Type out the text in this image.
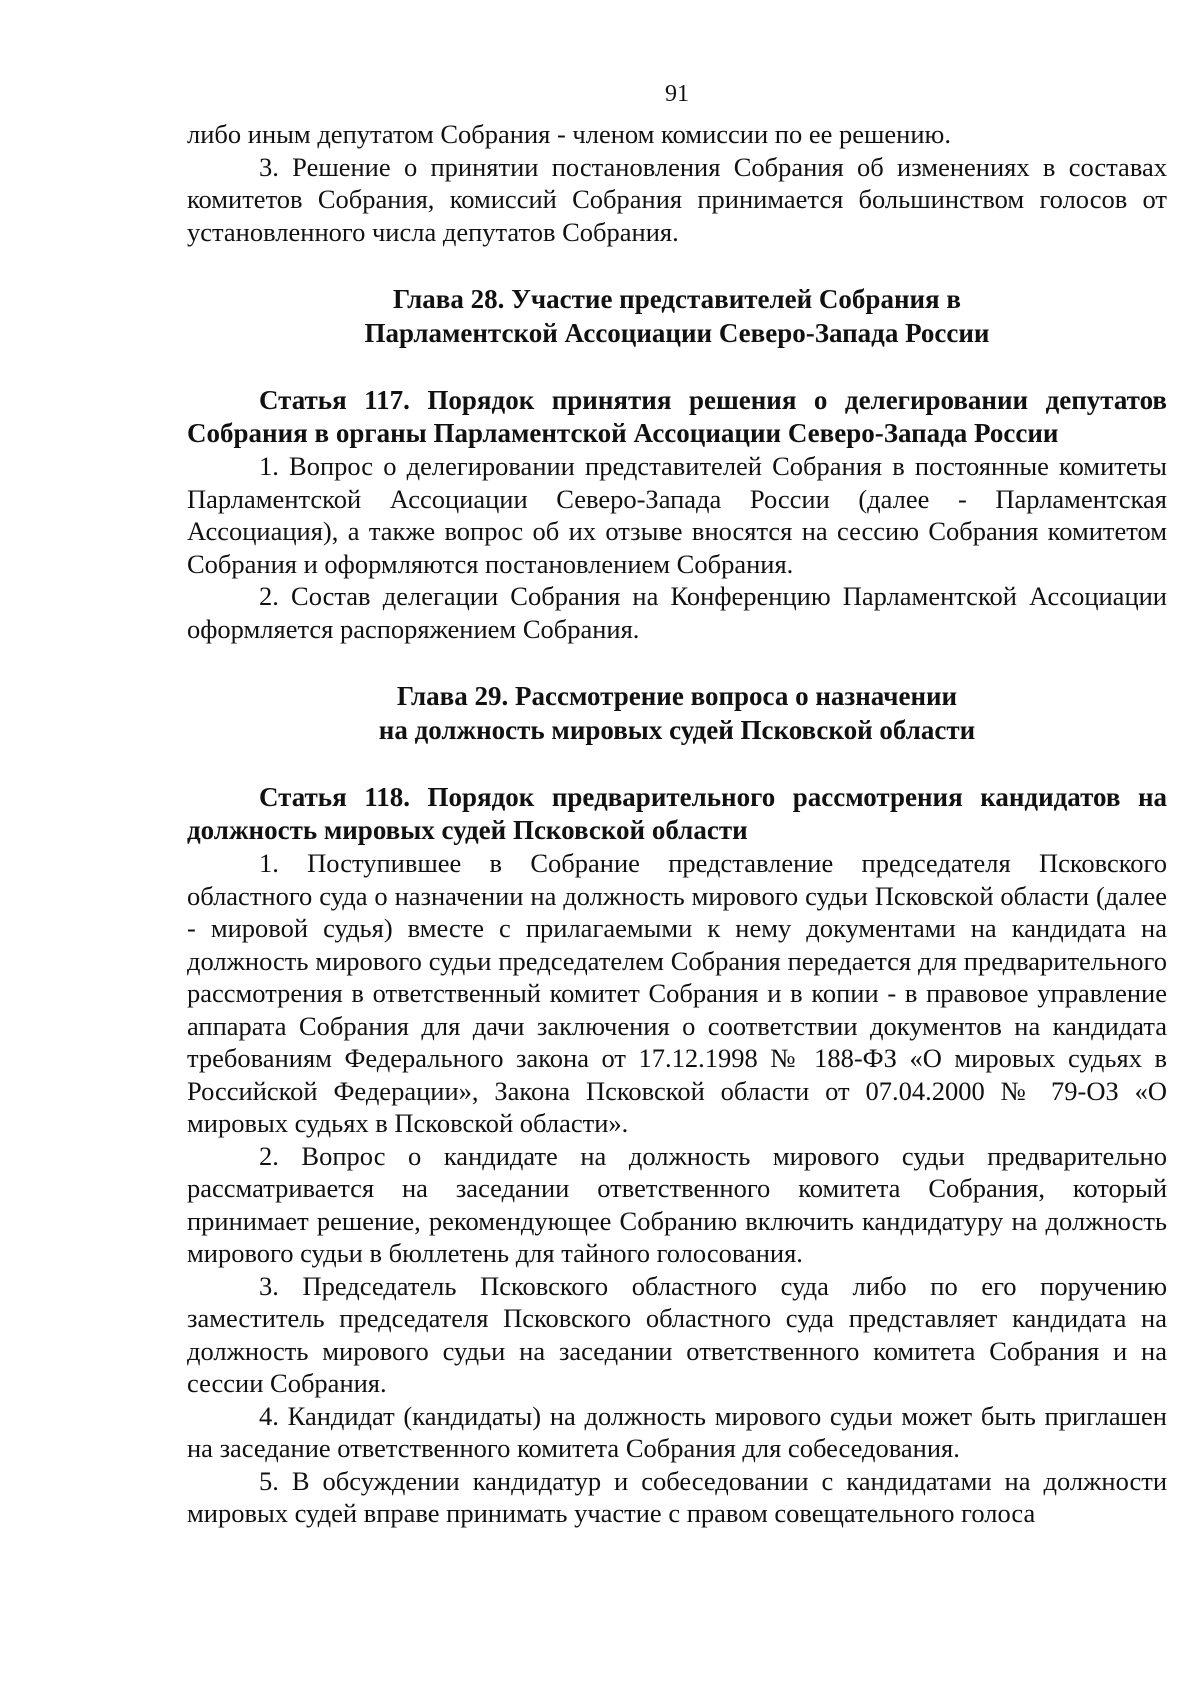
91

либо иным депутатом Собрания - членом комиссии по ее решению.

3. Решение о принятии постановления Собрания об изменениях в составах комитетов Собрания, комиссий Собрания принимается большинством голосов от установленного числа депутатов Собрания.

Глава 28. Участие представителей Собрания в
Парламентской Ассоциации Северо-Запада России
Статья 117. Порядок принятия решения о делегировании депутатов Собрания в органы Парламентской Ассоциации Северо-Запада России

1. Вопрос о делегировании представителей Собрания в постоянные комитеты Парламентской Ассоциации Северо-Запада России (далее - Парламентская Ассоциация), а также вопрос об их отзыве вносятся на сессию Собрания комитетом Собрания и оформляются постановлением Собрания.

2. Состав делегации Собрания на Конференцию Парламентской Ассоциации оформляется распоряжением Собрания.

Глава 29. Рассмотрение вопроса о назначении
на должность мировых судей Псковской области
Статья 118. Порядок предварительного рассмотрения кандидатов на должность мировых судей Псковской области

1. Поступившее в Собрание представление председателя Псковского областного суда о назначении на должность мирового судьи Псковской области (далее - мировой судья) вместе с прилагаемыми к нему документами на кандидата на должность мирового судьи председателем Собрания передается для предварительного рассмотрения в ответственный комитет Собрания и в копии - в правовое управление аппарата Собрания для дачи заключения о соответствии документов на кандидата требованиям Федерального закона от 17.12.1998 № 188-ФЗ «О мировых судьях в Российской Федерации», Закона Псковской области от 07.04.2000 № 79-ОЗ «О мировых судьях в Псковской области».

2. Вопрос о кандидате на должность мирового судьи предварительно рассматривается на заседании ответственного комитета Собрания, который принимает решение, рекомендующее Собранию включить кандидатуру на должность мирового судьи в бюллетень для тайного голосования.

3. Председатель Псковского областного суда либо по его поручению заместитель председателя Псковского областного суда представляет кандидата на должность мирового судьи на заседании ответственного комитета Собрания и на сессии Собрания.

4. Кандидат (кандидаты) на должность мирового судьи может быть приглашен на заседание ответственного комитета Собрания для собеседования.

5. В обсуждении кандидатур и собеседовании с кандидатами на должности мировых судей вправе принимать участие с правом совещательного голоса
